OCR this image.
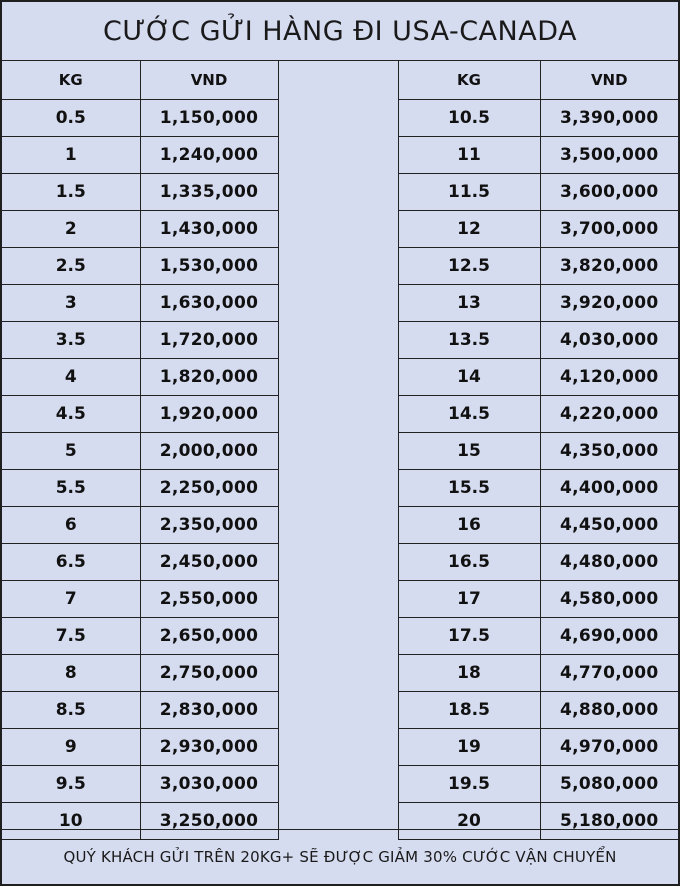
CƯỚC GỬI HÀNG ĐI USA-CANADA
KG	VND		KG	VND
0.5	1,150,000		10.5	3,390,000
1	1,240,000		11	3,500,000
1.5	1,335,000		11.5	3,600,000
2	1,430,000		12	3,700,000
2.5	1,530,000		12.5	3,820,000
3	1,630,000		13	3,920,000
3.5	1,720,000		13.5	4,030,000
4	1,820,000		14	4,120,000
4.5	1,920,000		14.5	4,220,000
5	2,000,000		15	4,350,000
5.5	2,250,000		15.5	4,400,000
6	2,350,000		16	4,450,000
6.5	2,450,000		16.5	4,480,000
7	2,550,000		17	4,580,000
7.5	2,650,000		17.5	4,690,000
8	2,750,000		18	4,770,000
8.5	2,830,000		18.5	4,880,000
9	2,930,000		19	4,970,000
9.5	3,030,000		19.5	5,080,000
10	3,250,000		20	5,180,000
QUÝ KHÁCH GỬI TRÊN 20KG+ SẼ ĐƯỢC GIẢM 30% CƯỚC VẬN CHUYỂN
